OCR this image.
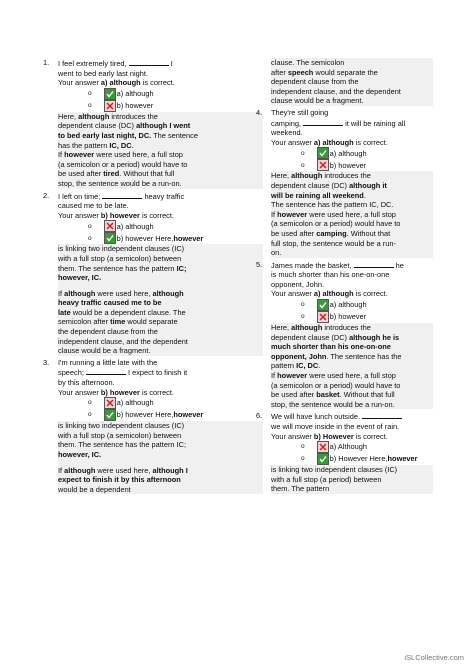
1. I feel extremely tired,	I
went to bed early last night.
Your answer a) although is correct.
o	a) although
o	b) however
Here, although introduces the
dependent clause (DC) although I went
to bed early last night, DC. The sentence
has the pattern IC, DC.
If however were used here, a full stop
(a semicolon or a period) would have to
be used after tired. Without that full
stop, the sentence would be a run-on.
2. I left on time;	heavy traffic
caused me to be late.
Your answer b) however is correct.
o	a) although
o	b) however Here, however
is linking two independent clauses (IC)
with a full stop (a semicolon) between
them. The sentence has the pattern IC;
however, IC.
If although were used here, although
heavy traffic caused me to be
late would be a dependent clause. The
semicolon after time would separate
the dependent clause from the
independent clause, and the dependent
clause would be a fragment.
3. I'm running a little late with the
speech;	I expect to finish it
by this afternoon.
Your answer b) however is correct.
o	a) although
o	b) however Here, however
is linking two independent clauses (IC)
with a full stop (a semicolon) between
them. The sentence has the pattern IC;
however, IC.
If although were used here, although I
expect to finish it by this afternoon
would be a dependent
clause. The semicolon
after speech would separate the
dependent clause from the
independent clause, and the dependent
clause would be a fragment.
4. They're still going
camping,	it will be raining all
weekend.
Your answer a) although is correct.
o	a) although
o	b) however
Here, although introduces the
dependent clause (DC) although it
will be raining all weekend.
The sentence has the pattern IC, DC.
If however were used here, a full stop
(a semicolon or a period) would have to
be used after camping. Without that
full stop, the sentence would be a run-
on.
5. James made the basket,	he
is much shorter than his one-on-one
opponent, John.
Your answer a) although is correct.
o	a) although
o	b) however
Here, although introduces the
dependent clause (DC) although he is
much shorter than his one-on-one
opponent, John. The sentence has the
pattern IC, DC.
If however were used here, a full stop
(a semicolon or a period) would have to
be used after basket. Without that full
stop, the sentence would be a run-on.
6. We will have lunch outside.
we will move inside in the event of rain.
Your answer b) However is correct.
o	a) Although
o	b) However Here, however
is linking two independent clauses (IC)
with a full stop (a period) between
them. The pattern
iSLCollective.com
